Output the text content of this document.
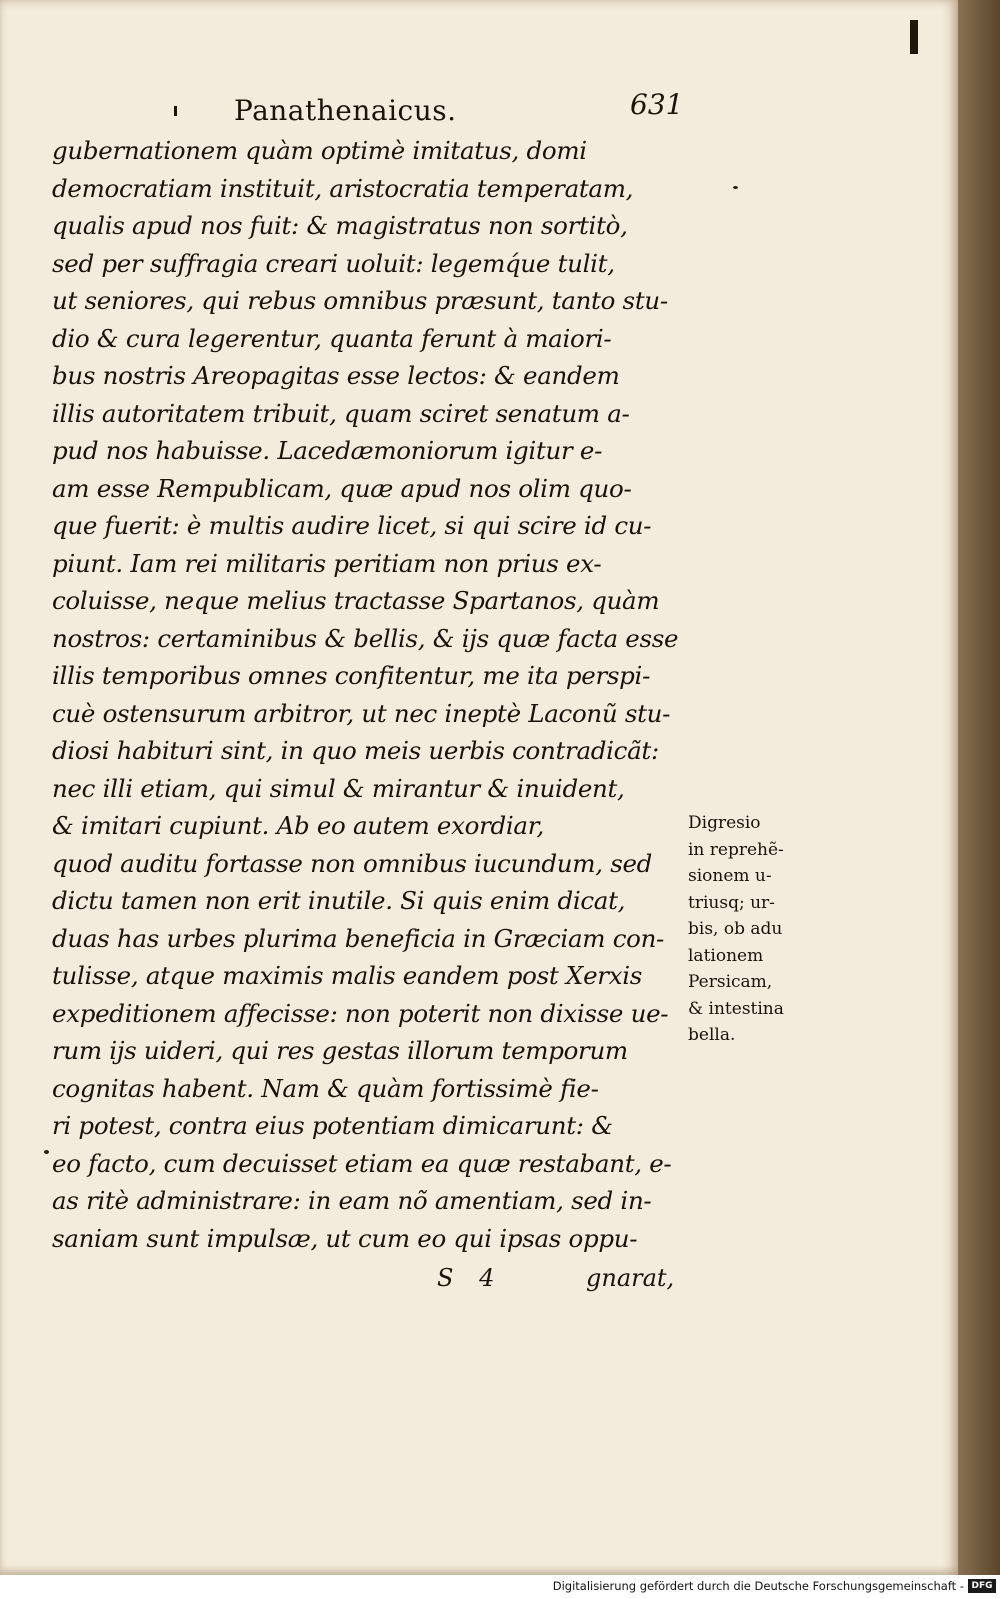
Panathenaicus.	631
gubernationem quàm optimè imitatus, domi
democratiam instituit, aristocratia temperatam,
qualis apud nos fuit: & magistratus non sortitò,
sed per suffragia creari uoluit: legemq́ue tulit,
ut seniores, qui rebus omnibus præsunt, tanto stu-
dio & cura legerentur, quanta ferunt à maiori-
bus nostris Areopagitas esse lectos: & eandem
illis autoritatem tribuit, quam sciret senatum a-
pud nos habuisse. Lacedæmoniorum igitur e-
am esse Rempublicam, quæ apud nos olim quo-
que fuerit: è multis audire licet, si qui scire id cu-
piunt. Iam rei militaris peritiam non prius ex-
coluisse, neque melius tractasse Spartanos, quàm
nostros: certaminibus & bellis, & ijs quæ facta esse
illis temporibus omnes confitentur, me ita perspi-
cuè ostensurum arbitror, ut nec ineptè Laconũ stu-
diosi habituri sint, in quo meis uerbis contradicãt:
nec illi etiam, qui simul & mirantur & inuident,
& imitari cupiunt. Ab eo autem exordiar,
quod auditu fortasse non omnibus iucundum, sed
dictu tamen non erit inutile. Si quis enim dicat,
duas has urbes plurima beneficia in Græciam con-
tulisse, atque maximis malis eandem post Xerxis
expeditionem affecisse: non poterit non dixisse ue-
rum ijs uideri, qui res gestas illorum temporum
cognitas habent. Nam & quàm fortissimè fie-
ri potest, contra eius potentiam dimicarunt: &
eo facto, cum decuisset etiam ea quæ restabant, e-
as ritè administrare: in eam nõ amentiam, sed in-
saniam sunt impulsæ, ut cum eo qui ipsas oppu-
Digresio
in reprehẽ-
sionem u-
triusq; ur-
bis, ob adu
lationem
Persicam,
& intestina
bella.
S 4	gnarat,
Digitalisierung gefördert durch die Deutsche Forschungsgemeinschaft - DFG
